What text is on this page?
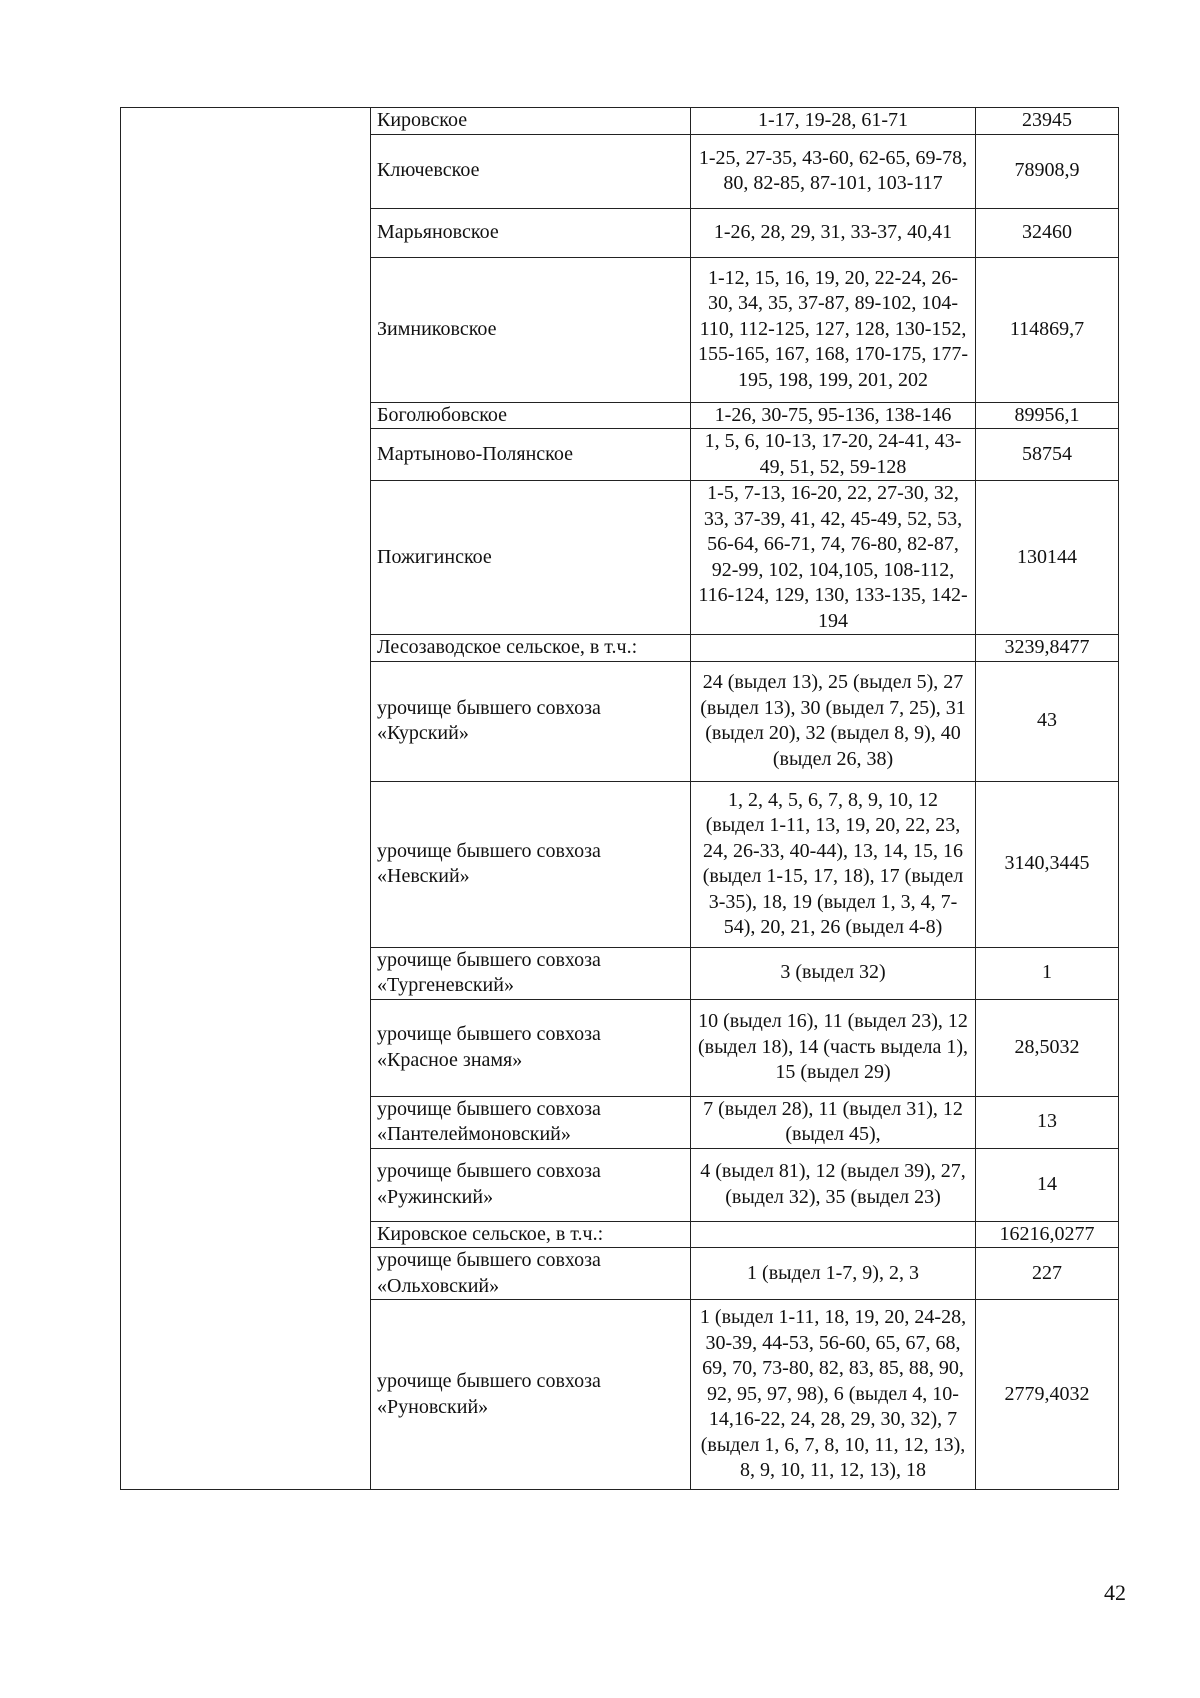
	Кировское	1-17, 19-28, 61-71	23945
	Ключевское	1-25, 27-35, 43-60, 62-65, 69-78, 80, 82-85, 87-101, 103-117	78908,9
	Марьяновское	1-26, 28, 29, 31, 33-37, 40,41	32460
	Зимниковское	1-12, 15, 16, 19, 20, 22-24, 26-30, 34, 35, 37-87, 89-102, 104-110, 112-125, 127, 128, 130-152, 155-165, 167, 168, 170-175, 177-195, 198, 199, 201, 202	114869,7
	Боголюбовское	1-26, 30-75, 95-136, 138-146	89956,1
	Мартыново-Полянское	1, 5, 6, 10-13, 17-20, 24-41, 43-49, 51, 52, 59-128	58754
	Пожигинское	1-5, 7-13, 16-20, 22, 27-30, 32, 33, 37-39, 41, 42, 45-49, 52, 53, 56-64, 66-71, 74, 76-80, 82-87, 92-99, 102, 104,105, 108-112, 116-124, 129, 130, 133-135, 142-194	130144
	Лесозаводское сельское, в т.ч.:		3239,8477
	урочище бывшего совхоза «Курский»	24 (выдел 13), 25 (выдел 5), 27 (выдел 13), 30 (выдел 7, 25), 31 (выдел 20), 32 (выдел 8, 9), 40 (выдел 26, 38)	43
	урочище бывшего совхоза «Невский»	1, 2, 4, 5, 6, 7, 8, 9, 10, 12 (выдел 1-11, 13, 19, 20, 22, 23, 24, 26-33, 40-44), 13, 14, 15, 16 (выдел 1-15, 17, 18), 17 (выдел 3-35), 18, 19 (выдел 1, 3, 4, 7-54), 20, 21, 26 (выдел 4-8)	3140,3445
	урочище бывшего совхоза «Тургеневский»	3 (выдел 32)	1
	урочище бывшего совхоза «Красное знамя»	10 (выдел 16), 11 (выдел 23), 12 (выдел 18), 14 (часть выдела 1), 15 (выдел 29)	28,5032
	урочище бывшего совхоза «Пантелеймоновский»	7 (выдел 28), 11 (выдел 31), 12 (выдел 45),	13
	урочище бывшего совхоза «Ружинский»	4 (выдел 81), 12 (выдел 39), 27, (выдел 32), 35 (выдел 23)	14
	Кировское сельское, в т.ч.:		16216,0277
	урочище бывшего совхоза «Ольховский»	1 (выдел 1-7, 9), 2, 3	227
	урочище бывшего совхоза «Руновский»	1 (выдел 1-11, 18, 19, 20, 24-28, 30-39, 44-53, 56-60, 65, 67, 68, 69, 70, 73-80, 82, 83, 85, 88, 90, 92, 95, 97, 98), 6 (выдел 4, 10-14,16-22, 24, 28, 29, 30, 32), 7 (выдел 1, 6, 7, 8, 10, 11, 12, 13), 8, 9, 10, 11, 12, 13), 18	2779,4032
42
